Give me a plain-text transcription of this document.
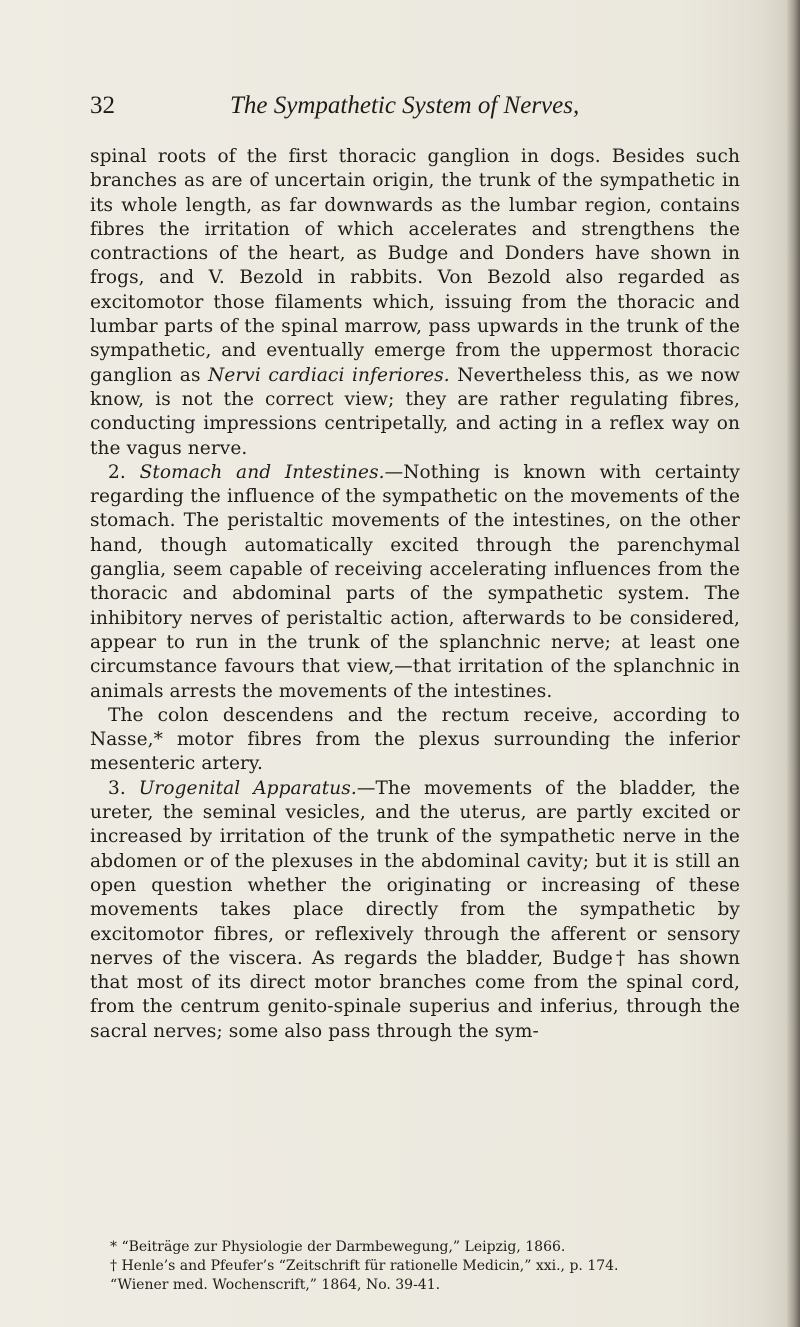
32	The Sympathetic System of Nerves,

spinal roots of the first thoracic ganglion in dogs. Besides such branches as are of uncertain origin, the trunk of the sympathetic in its whole length, as far downwards as the lumbar region, contains fibres the irritation of which accelerates and strengthens the contractions of the heart, as Budge and Donders have shown in frogs, and V. Bezold in rabbits. Von Bezold also regarded as excitomotor those filaments which, issuing from the thoracic and lumbar parts of the spinal marrow, pass upwards in the trunk of the sympathetic, and eventually emerge from the uppermost thoracic ganglion as Nervi cardiaci inferiores. Nevertheless this, as we now know, is not the correct view; they are rather regulating fibres, conducting impressions centripetally, and acting in a reflex way on the vagus nerve.

2. Stomach and Intestines.—Nothing is known with certainty regarding the influence of the sympathetic on the movements of the stomach. The peristaltic movements of the intestines, on the other hand, though automatically excited through the parenchymal ganglia, seem capable of receiving accelerating influences from the thoracic and abdominal parts of the sympathetic system. The inhibitory nerves of peristaltic action, afterwards to be considered, appear to run in the trunk of the splanchnic nerve; at least one circumstance favours that view,—that irritation of the splanchnic in animals arrests the movements of the intestines.

The colon descendens and the rectum receive, according to Nasse,* motor fibres from the plexus surrounding the inferior mesenteric artery.

3. Urogenital Apparatus.—The movements of the bladder, the ureter, the seminal vesicles, and the uterus, are partly excited or increased by irritation of the trunk of the sympathetic nerve in the abdomen or of the plexuses in the abdominal cavity; but it is still an open question whether the originating or increasing of these movements takes place directly from the sympathetic by excitomotor fibres, or reflexively through the afferent or sensory nerves of the viscera. As regards the bladder, Budge† has shown that most of its direct motor branches come from the spinal cord, from the centrum genito-spinale superius and inferius, through the sacral nerves; some also pass through the sym-

* “Beiträge zur Physiologie der Darmbewegung,” Leipzig, 1866.
† Henle’s and Pfeufer’s “Zeitschrift für rationelle Medicin,” xxi., p. 174.
“Wiener med. Wochenscrift,” 1864, No. 39-41.
